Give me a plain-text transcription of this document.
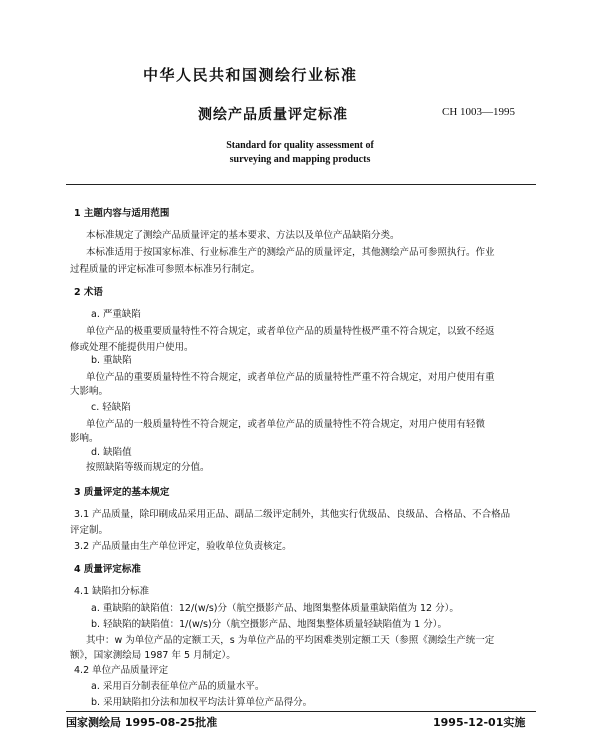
中华人民共和国测绘行业标准
测绘产品质量评定标准	CH 1003—1995
Standard for quality assessment of
surveying and mapping products
1 主题内容与适用范围
本标准规定了测绘产品质量评定的基本要求、方法以及单位产品缺陷分类。
本标准适用于按国家标准、行业标准生产的测绘产品的质量评定，其他测绘产品可参照执行。作业
过程质量的评定标准可参照本标准另行制定。
2 术语
a. 严重缺陷
单位产品的极重要质量特性不符合规定，或者单位产品的质量特性极严重不符合规定，以致不经返
修或处理不能提供用户使用。
b. 重缺陷
单位产品的重要质量特性不符合规定，或者单位产品的质量特性严重不符合规定，对用户使用有重
大影响。
c. 轻缺陷
单位产品的一般质量特性不符合规定，或者单位产品的质量特性不符合规定，对用户使用有轻微
影响。
d. 缺陷值
按照缺陷等级而规定的分值。
3 质量评定的基本规定
3.1 产品质量，除印刷成品采用正品、副品二级评定制外，其他实行优级品、良级品、合格品、不合格品
评定制。
3.2 产品质量由生产单位评定，验收单位负责核定。
4 质量评定标准
4.1 缺陷扣分标准
a. 重缺陷的缺陷值：12/(w/s)分（航空摄影产品、地图集整体质量重缺陷值为 12 分）。
b. 轻缺陷的缺陷值：1/(w/s)分（航空摄影产品、地图集整体质量轻缺陷值为 1 分）。
其中：w 为单位产品的定额工天，s 为单位产品的平均困难类别定额工天（参照《测绘生产统一定
额》，国家测绘局 1987 年 5 月制定）。
4.2 单位产品质量评定
a. 采用百分制表征单位产品的质量水平。
b. 采用缺陷扣分法和加权平均法计算单位产品得分。
国家测绘局 1995-08-25批准	1995-12-01实施
